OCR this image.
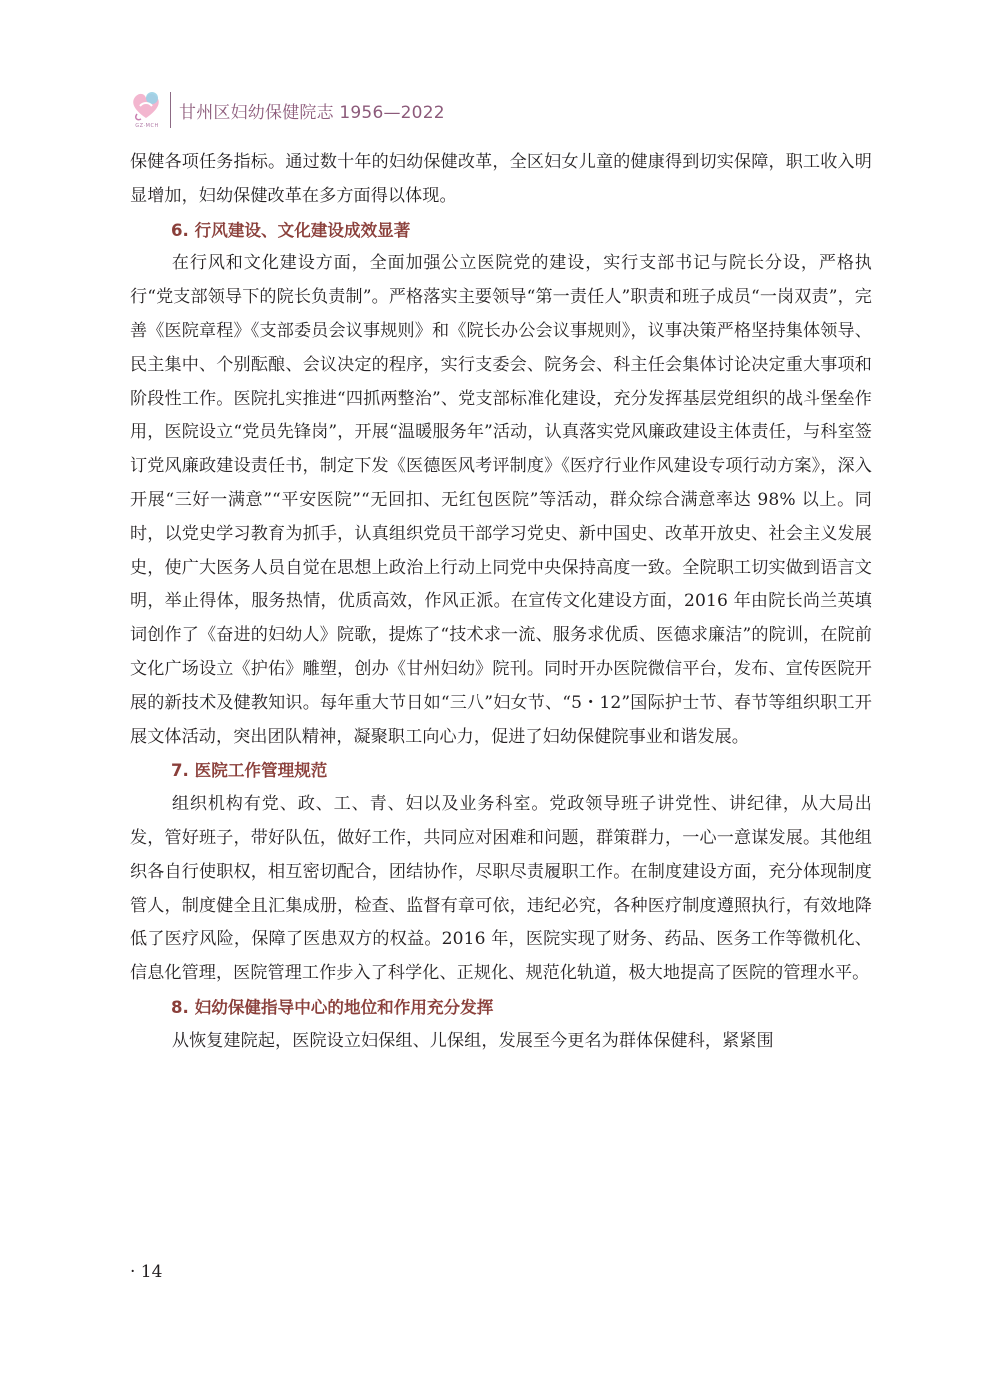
GZ·MCH
甘州区妇幼保健院志 1956—2022

保健各项任务指标。通过数十年的妇幼保健改革，全区妇女儿童的健康得到切实保障，职工收入明显增加，妇幼保健改革在多方面得以体现。

6. 行风建设、文化建设成效显著

在行风和文化建设方面，全面加强公立医院党的建设，实行支部书记与院长分设，严格执行“党支部领导下的院长负责制”。严格落实主要领导“第一责任人”职责和班子成员“一岗双责”，完善《医院章程》《支部委员会议事规则》和《院长办公会议事规则》，议事决策严格坚持集体领导、民主集中、个别酝酿、会议决定的程序，实行支委会、院务会、科主任会集体讨论决定重大事项和阶段性工作。医院扎实推进“四抓两整治”、党支部标准化建设，充分发挥基层党组织的战斗堡垒作用，医院设立“党员先锋岗”，开展“温暖服务年”活动，认真落实党风廉政建设主体责任，与科室签订党风廉政建设责任书，制定下发《医德医风考评制度》《医疗行业作风建设专项行动方案》，深入开展“三好一满意”“平安医院”“无回扣、无红包医院”等活动，群众综合满意率达 98% 以上。同时，以党史学习教育为抓手，认真组织党员干部学习党史、新中国史、改革开放史、社会主义发展史，使广大医务人员自觉在思想上政治上行动上同党中央保持高度一致。全院职工切实做到语言文明，举止得体，服务热情，优质高效，作风正派。在宣传文化建设方面，2016 年由院长尚兰英填词创作了《奋进的妇幼人》院歌，提炼了“技术求一流、服务求优质、医德求廉洁”的院训，在院前文化广场设立《护佑》雕塑，创办《甘州妇幼》院刊。同时开办医院微信平台，发布、宣传医院开展的新技术及健教知识。每年重大节日如“三八”妇女节、“5・12”国际护士节、春节等组织职工开展文体活动，突出团队精神，凝聚职工向心力，促进了妇幼保健院事业和谐发展。

7. 医院工作管理规范

组织机构有党、政、工、青、妇以及业务科室。党政领导班子讲党性、讲纪律，从大局出发，管好班子，带好队伍，做好工作，共同应对困难和问题，群策群力，一心一意谋发展。其他组织各自行使职权，相互密切配合，团结协作，尽职尽责履职工作。在制度建设方面，充分体现制度管人，制度健全且汇集成册，检查、监督有章可依，违纪必究，各种医疗制度遵照执行，有效地降低了医疗风险，保障了医患双方的权益。2016 年，医院实现了财务、药品、医务工作等微机化、信息化管理，医院管理工作步入了科学化、正规化、规范化轨道，极大地提高了医院的管理水平。

8. 妇幼保健指导中心的地位和作用充分发挥

从恢复建院起，医院设立妇保组、儿保组，发展至今更名为群体保健科，紧紧围

· 14
